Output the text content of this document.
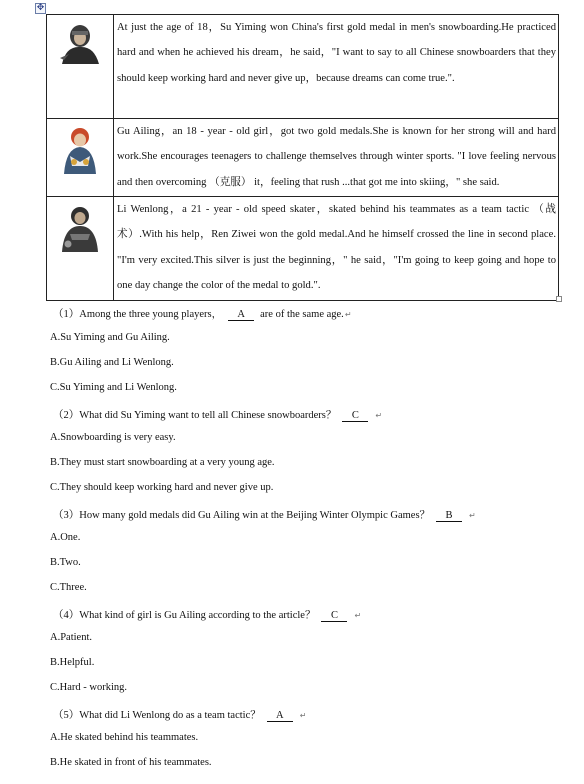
✥
	At just the age of 18，Su Yiming won China's first gold medal in men's snowboarding.He practiced hard and when he achieved his dream，he said，"I want to say to all Chinese snowboarders that they should keep working hard and never give up，because dreams can come true.".

	Gu Ailing，an 18 - year - old girl，got two gold medals.She is known for her strong will and hard work.She encourages teenagers to challenge themselves through winter sports. "I love feeling nervous and then overcoming （克服） it，feeling that rush ...that got me into skiing，" she said.

	Li Wenlong，a 21 - year - old speed skater，skated behind his teammates as a team tactic （战术）.With his help，Ren Ziwei won the gold medal.And he himself crossed the line in second place. "I'm very excited.This silver is just the beginning，" he said，"I'm going to keep going and hope to one day change the color of the medal to gold.".
（1）Among the three young players， A are of the same age.↵
A.Su Yiming and Gu Ailing.
B.Gu Ailing and Li Wenlong.
C.Su Yiming and Li Wenlong.
（2）What did Su Yiming want to tell all Chinese snowboarders？ C ↵
A.Snowboarding is very easy.
B.They must start snowboarding at a very young age.
C.They should keep working hard and never give up.
（3）How many gold medals did Gu Ailing win at the Beijing Winter Olympic Games？ B ↵
A.One.
B.Two.
C.Three.
（4）What kind of girl is Gu Ailing according to the article？ C ↵
A.Patient.
B.Helpful.
C.Hard - working.
（5）What did Li Wenlong do as a team tactic？ A ↵
A.He skated behind his teammates.
B.He skated in front of his teammates.
